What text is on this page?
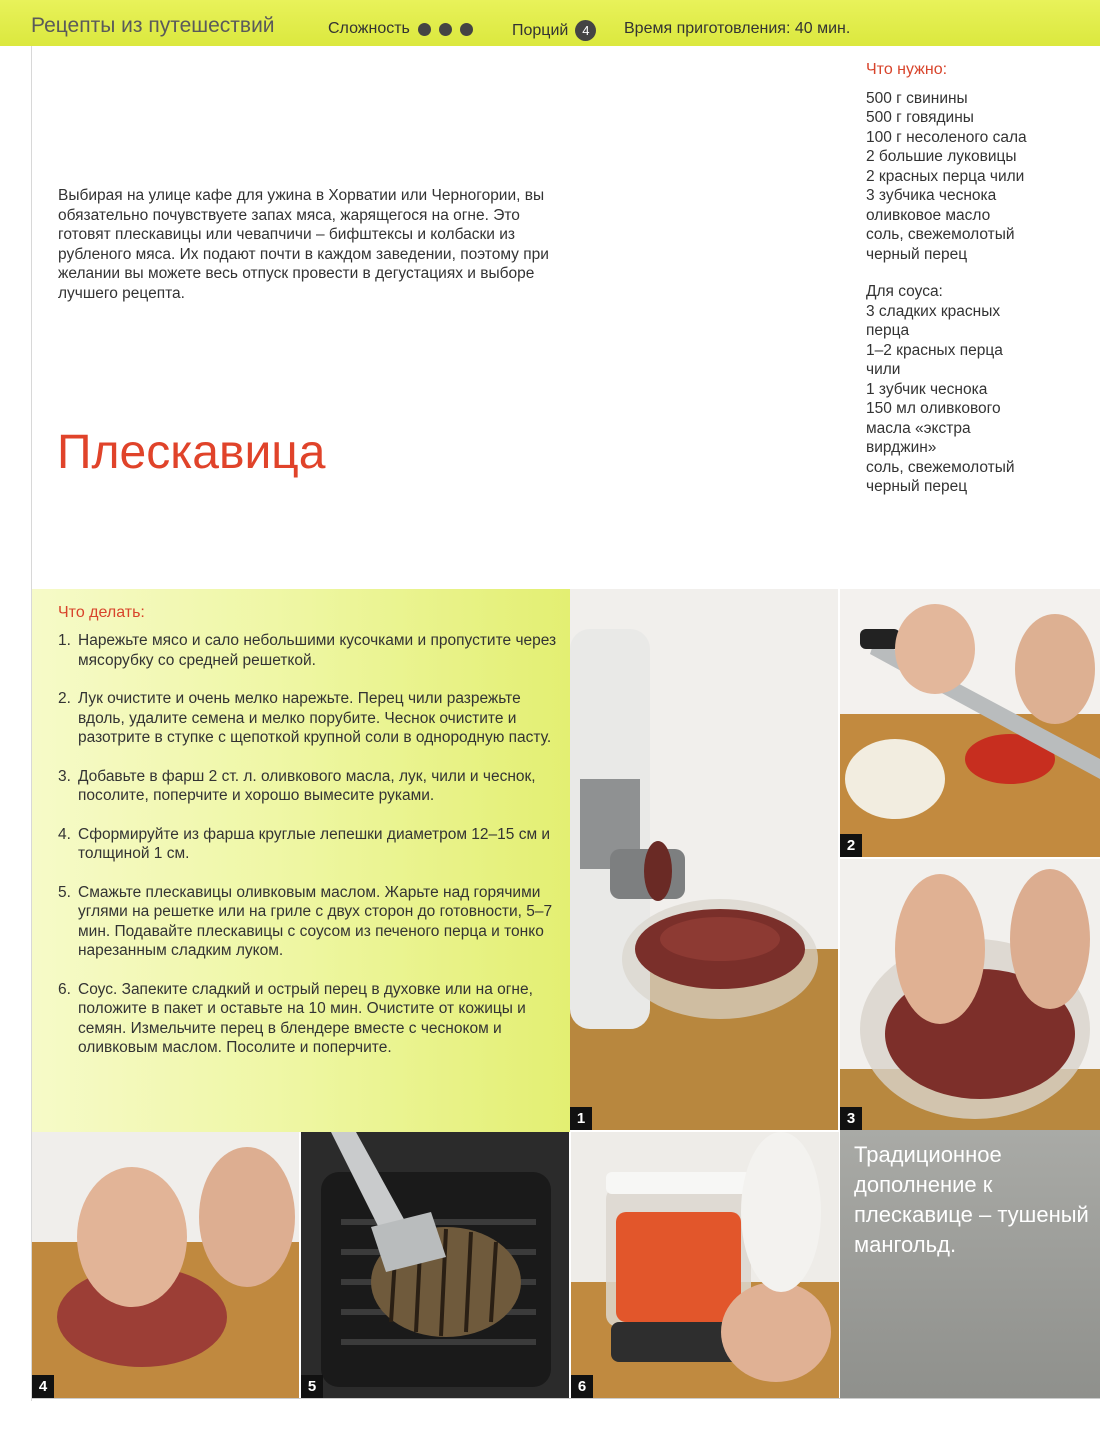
Рецепты из путешествий	Сложность	Порций	4	Время приготовления: 40 мин.
Выбирая на улице кафе для ужина в Хорватии или Черногории, вы обязательно почувствуете запах мяса, жарящегося на огне. Это готовят плескавицы или чевапчичи – бифштексы и колбаски из рубленого мяса. Их подают почти в каждом заведении, поэтому при желании вы можете весь отпуск провести в дегустациях и выборе лучшего рецепта.
Плескавица
Что нужно:
500 г свинины
500 г говядины
100 г несоленого сала
2 большие луковицы
2 красных перца чили
3 зубчика чеснока
оливковое масло
соль, свежемолотый
черный перец
Для соуса:
3 сладких красных
перца
1–2 красных перца
чили
1 зубчик чеснока
150 мл оливкового
масла «экстра
вирджин»
соль, свежемолотый
черный перец
Что делать:
1. Нарежьте мясо и сало небольшими кусочками и пропустите через мясорубку со средней решеткой.
2. Лук очистите и очень мелко нарежьте. Перец чили разрежьте вдоль, удалите семена и мелко порубите. Чеснок очистите и разотрите в ступке с щепоткой крупной соли в однородную пасту.
3. Добавьте в фарш 2 ст. л. оливкового масла, лук, чили и чеснок, посолите, поперчите и хорошо вымесите руками.
4. Сформируйте из фарша круглые лепешки диаметром 12–15 см и толщиной 1 см.
5. Смажьте плескавицы оливковым маслом. Жарьте над горячими углями на решетке или на гриле с двух сторон до готовности, 5–7 мин. Подавайте плескавицы с соусом из печеного перца и тонко нарезанным сладким луком.
6. Соус. Запеките сладкий и острый перец в духовке или на огне, положите в пакет и оставьте на 10 мин. Очистите от кожицы и семян. Измельчите перец в блендере вместе с чесноком и оливковым маслом. Посолите и поперчите.
1
2
3
4	5	6
Традиционное дополнение к плескавице – тушеный мангольд.
